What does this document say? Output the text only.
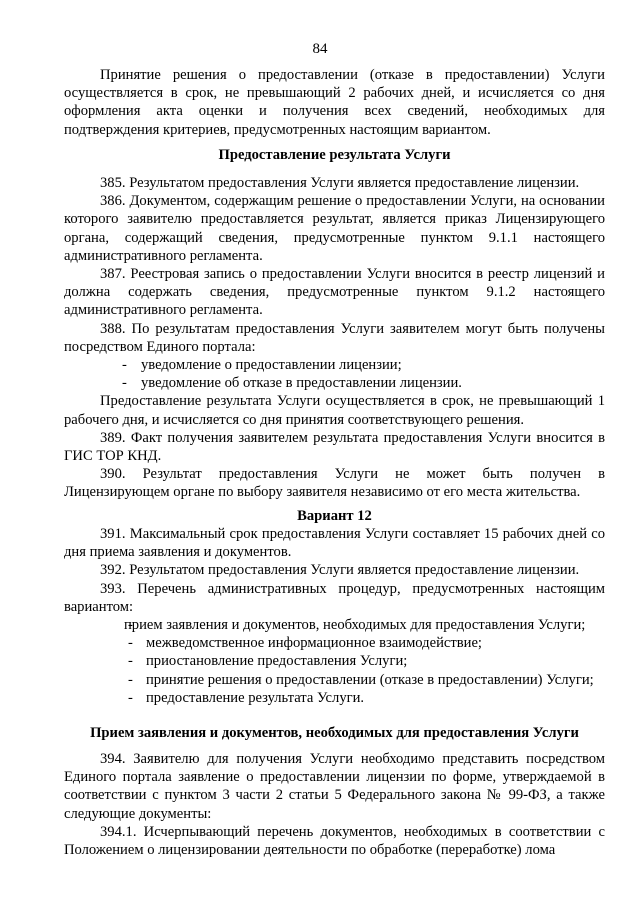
84

Принятие решения о предоставлении (отказе в предоставлении) Услуги осуществляется в срок, не превышающий 2 рабочих дней, и исчисляется со дня оформления акта оценки и получения всех сведений, необходимых для подтверждения критериев, предусмотренных настоящим вариантом.

Предоставление результата Услуги

385. Результатом предоставления Услуги является предоставление лицензии.

386. Документом, содержащим решение о предоставлении Услуги, на основании которого заявителю предоставляется результат, является приказ Лицензирующего органа, содержащий сведения, предусмотренные пунктом 9.1.1 настоящего административного регламента.

387. Реестровая запись о предоставлении Услуги вносится в реестр лицензий и должна содержать сведения, предусмотренные пунктом 9.1.2 настоящего административного регламента.

388. По результатам предоставления Услуги заявителем могут быть получены посредством Единого портала:

- уведомление о предоставлении лицензии;
- уведомление об отказе в предоставлении лицензии.

Предоставление результата Услуги осуществляется в срок, не превышающий 1 рабочего дня, и исчисляется со дня принятия соответствующего решения.

389. Факт получения заявителем результата предоставления Услуги вносится в ГИС ТОР КНД.

390. Результат предоставления Услуги не может быть получен в Лицензирующем органе по выбору заявителя независимо от его места жительства.

Вариант 12

391. Максимальный срок предоставления Услуги составляет 15 рабочих дней со дня приема заявления и документов.

392. Результатом предоставления Услуги является предоставление лицензии.

393. Перечень административных процедур, предусмотренных настоящим вариантом:

- прием заявления и документов, необходимых для предоставления Услуги;
- межведомственное информационное взаимодействие;
- приостановление предоставления Услуги;
- принятие решения о предоставлении (отказе в предоставлении) Услуги;
- предоставление результата Услуги.

Прием заявления и документов, необходимых для предоставления Услуги

394. Заявителю для получения Услуги необходимо представить посредством Единого портала заявление о предоставлении лицензии по форме, утверждаемой в соответствии с пунктом 3 части 2 статьи 5 Федерального закона № 99-ФЗ, а также следующие документы:

394.1. Исчерпывающий перечень документов, необходимых в соответствии с Положением о лицензировании деятельности по обработке (переработке) лома
